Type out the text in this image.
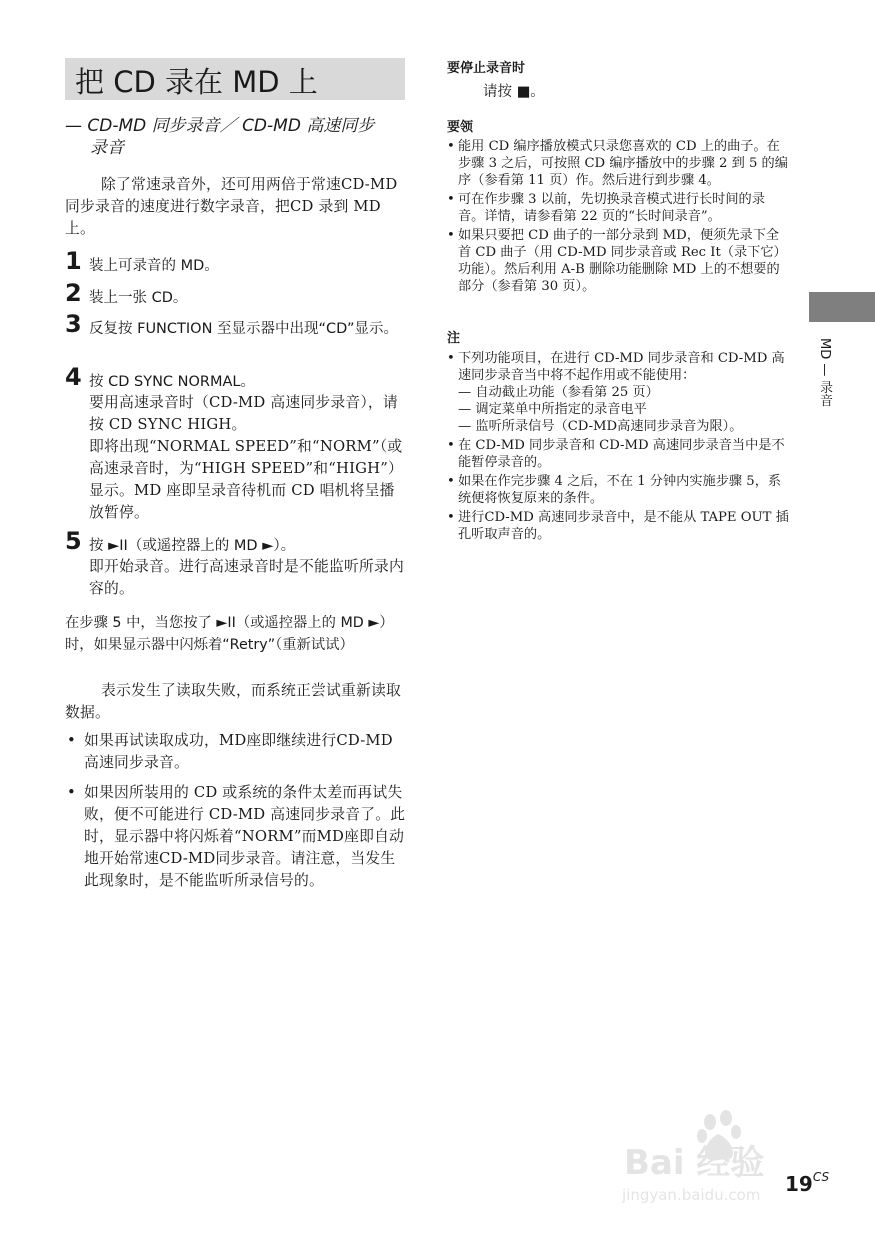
把 CD 录在 MD 上
— CD-MD 同步录音／ CD-MD 高速同步
录音

除了常速录音外，还可用两倍于常速CD-MD 同步录音的速度进行数字录音，把CD 录到 MD 上。

1 装上可录音的 MD。
2 装上一张 CD。
3 反复按 FUNCTION 至显示器中出现“CD”显示。
4 按 CD SYNC NORMAL。

要用高速录音时（CD-MD 高速同步录音），请按 CD SYNC HIGH。

即将出现“NORMAL SPEED”和“NORM”（或高速录音时，为“HIGH SPEED”和“HIGH”）显示。MD 座即呈录音待机而 CD 唱机将呈播放暂停。

5 按 ►II（或遥控器上的 MD ►）。

即开始录音。进行高速录音时是不能监听所录内容的。

在步骤 5 中，当您按了 ►II（或遥控器上的 MD ►）时，如果显示器中闪烁着“Retry”（重新试试）

表示发生了读取失败，而系统正尝试重新读取数据。

• 如果再试读取成功，MD座即继续进行CD-MD 高速同步录音。
• 如果因所装用的 CD 或系统的条件太差而再试失败，便不可能进行 CD-MD 高速同步录音了。此时，显示器中将闪烁着“NORM”而MD座即自动地开始常速CD-MD同步录音。请注意，当发生此现象时，是不能监听所录信号的。
要停止录音时
请按 ■。
要领
• 能用 CD 编序播放模式只录您喜欢的 CD 上的曲子。在步骤 3 之后，可按照 CD 编序播放中的步骤 2 到 5 的编序（参看第 11 页）作。然后进行到步骤 4。
• 可在作步骤 3 以前，先切换录音模式进行长时间的录音。详情，请参看第 22 页的“长时间录音”。
• 如果只要把 CD 曲子的一部分录到 MD，便须先录下全首 CD 曲子（用 CD-MD 同步录音或 Rec It（录下它）功能）。然后利用 A-B 删除功能删除 MD 上的不想要的部分（参看第 30 页）。
注
• 下列功能项目，在进行 CD-MD 同步录音和 CD-MD 高速同步录音当中将不起作用或不能使用：
— 自动截止功能（参看第 25 页）
— 调定菜单中所指定的录音电平
— 监听所录信号（CD-MD高速同步录音为限）。
• 在 CD-MD 同步录音和 CD-MD 高速同步录音当中是不能暂停录音的。
• 如果在作完步骤 4 之后，不在 1 分钟内实施步骤 5，系统便将恢复原来的条件。
• 进行CD-MD 高速同步录音中，是不能从 TAPE OUT 插孔听取声音的。
MD — 录音
Bai 经验
jingyan.baidu.com $19^{CS}$
